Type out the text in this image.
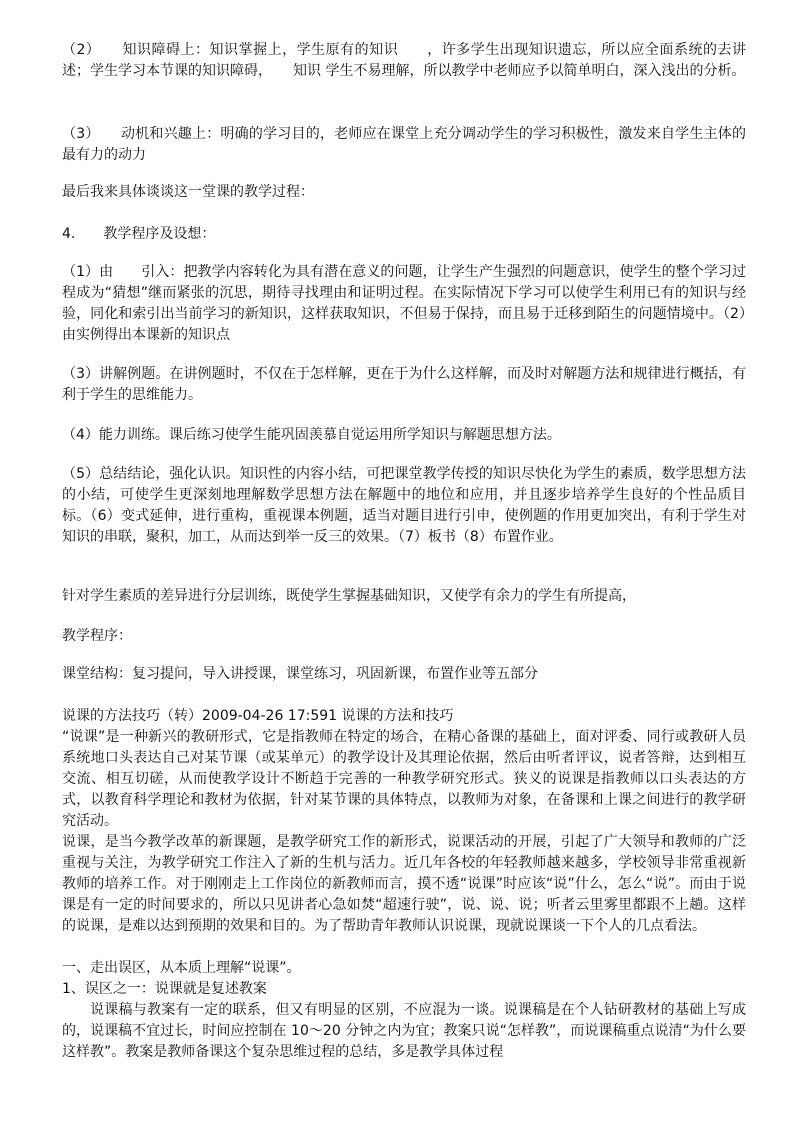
（2）　　知识障碍上：知识掌握上，学生原有的知识　　，许多学生出现知识遗忘，所以应全面系统的去讲述；学生学习本节课的知识障碍，　　知识 学生不易理解，所以教学中老师应予以简单明白，深入浅出的分析。
（3）　　动机和兴趣上：明确的学习目的，老师应在课堂上充分调动学生的学习积极性，激发来自学生主体的最有力的动力
最后我来具体谈谈这一堂课的教学过程：
4.　　教学程序及设想：
（1）由　　引入：把教学内容转化为具有潜在意义的问题，让学生产生强烈的问题意识，使学生的整个学习过程成为“猜想”继而紧张的沉思，期待寻找理由和证明过程。在实际情况下学习可以使学生利用已有的知识与经验，同化和索引出当前学习的新知识，这样获取知识，不但易于保持，而且易于迁移到陌生的问题情境中。（2）由实例得出本课新的知识点
（3）讲解例题。在讲例题时，不仅在于怎样解，更在于为什么这样解，而及时对解题方法和规律进行概括，有利于学生的思维能力。
（4）能力训练。课后练习使学生能巩固羡慕自觉运用所学知识与解题思想方法。
（5）总结结论，强化认识。知识性的内容小结，可把课堂教学传授的知识尽快化为学生的素质，数学思想方法的小结，可使学生更深刻地理解数学思想方法在解题中的地位和应用，并且逐步培养学生良好的个性品质目标。（6）变式延伸，进行重构，重视课本例题，适当对题目进行引申，使例题的作用更加突出，有利于学生对知识的串联，聚积，加工，从而达到举一反三的效果。（7）板书（8）布置作业。
针对学生素质的差异进行分层训练，既使学生掌握基础知识，又使学有余力的学生有所提高，
教学程序：
课堂结构：复习提问，导入讲授课，课堂练习，巩固新课，布置作业等五部分
说课的方法技巧（转）2009-04-26 17:591 说课的方法和技巧
“说课”是一种新兴的教研形式，它是指教师在特定的场合，在精心备课的基础上，面对评委、同行或教研人员系统地口头表达自己对某节课（或某单元）的教学设计及其理论依据，然后由听者评议，说者答辩，达到相互交流、相互切磋，从而使教学设计不断趋于完善的一种教学研究形式。狭义的说课是指教师以口头表达的方式，以教育科学理论和教材为依据，针对某节课的具体特点，以教师为对象，在备课和上课之间进行的教学研究活动。
说课，是当今教学改革的新课题，是教学研究工作的新形式，说课活动的开展，引起了广大领导和教师的广泛重视与关注，为教学研究工作注入了新的生机与活力。近几年各校的年轻教师越来越多，学校领导非常重视新教师的培养工作。对于刚刚走上工作岗位的新教师而言，摸不透“说课”时应该“说”什么，怎么“说”。而由于说课是有一定的时间要求的，所以只见讲者心急如焚“超速行驶”，说、说、说；听者云里雾里都跟不上趟。这样的说课，是难以达到预期的效果和目的。为了帮助青年教师认识说课，现就说课谈一下个人的几点看法。
一、走出误区，从本质上理解“说课”。
1、误区之一：说课就是复述教案
说课稿与教案有一定的联系，但又有明显的区别，不应混为一谈。说课稿是在个人钻研教材的基础上写成的，说课稿不宜过长，时间应控制在 10～20 分钟之内为宜；教案只说“怎样教”，而说课稿重点说清“为什么要这样教”。教案是教师备课这个复杂思维过程的总结，多是教学具体过程
